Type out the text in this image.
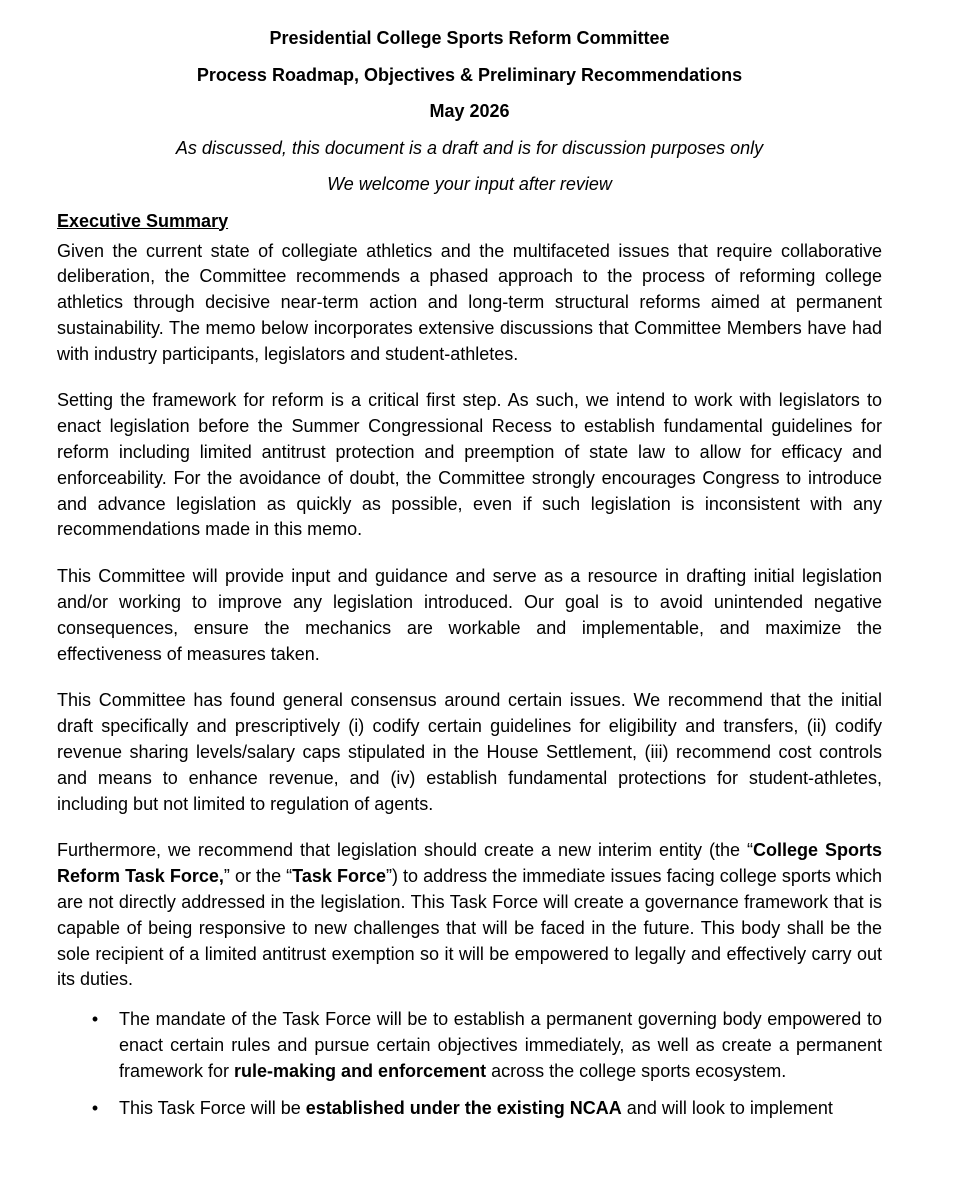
Presidential College Sports Reform Committee

Process Roadmap, Objectives & Preliminary Recommendations

May 2026

As discussed, this document is a draft and is for discussion purposes only

We welcome your input after review

Executive Summary

Given the current state of collegiate athletics and the multifaceted issues that require collaborative deliberation, the Committee recommends a phased approach to the process of reforming college athletics through decisive near-term action and long-term structural reforms aimed at permanent sustainability. The memo below incorporates extensive discussions that Committee Members have had with industry participants, legislators and student-athletes.

Setting the framework for reform is a critical first step. As such, we intend to work with legislators to enact legislation before the Summer Congressional Recess to establish fundamental guidelines for reform including limited antitrust protection and preemption of state law to allow for efficacy and enforceability. For the avoidance of doubt, the Committee strongly encourages Congress to introduce and advance legislation as quickly as possible, even if such legislation is inconsistent with any recommendations made in this memo.

This Committee will provide input and guidance and serve as a resource in drafting initial legislation and/or working to improve any legislation introduced. Our goal is to avoid unintended negative consequences, ensure the mechanics are workable and implementable, and maximize the effectiveness of measures taken.

This Committee has found general consensus around certain issues. We recommend that the initial draft specifically and prescriptively (i) codify certain guidelines for eligibility and transfers, (ii) codify revenue sharing levels/salary caps stipulated in the House Settlement, (iii) recommend cost controls and means to enhance revenue, and (iv) establish fundamental protections for student-athletes, including but not limited to regulation of agents.

Furthermore, we recommend that legislation should create a new interim entity (the “College Sports Reform Task Force,” or the “Task Force”) to address the immediate issues facing college sports which are not directly addressed in the legislation. This Task Force will create a governance framework that is capable of being responsive to new challenges that will be faced in the future. This body shall be the sole recipient of a limited antitrust exemption so it will be empowered to legally and effectively carry out its duties.

• The mandate of the Task Force will be to establish a permanent governing body empowered to enact certain rules and pursue certain objectives immediately, as well as create a permanent framework for rule-making and enforcement across the college sports ecosystem.
• This Task Force will be established under the existing NCAA and will look to implement
